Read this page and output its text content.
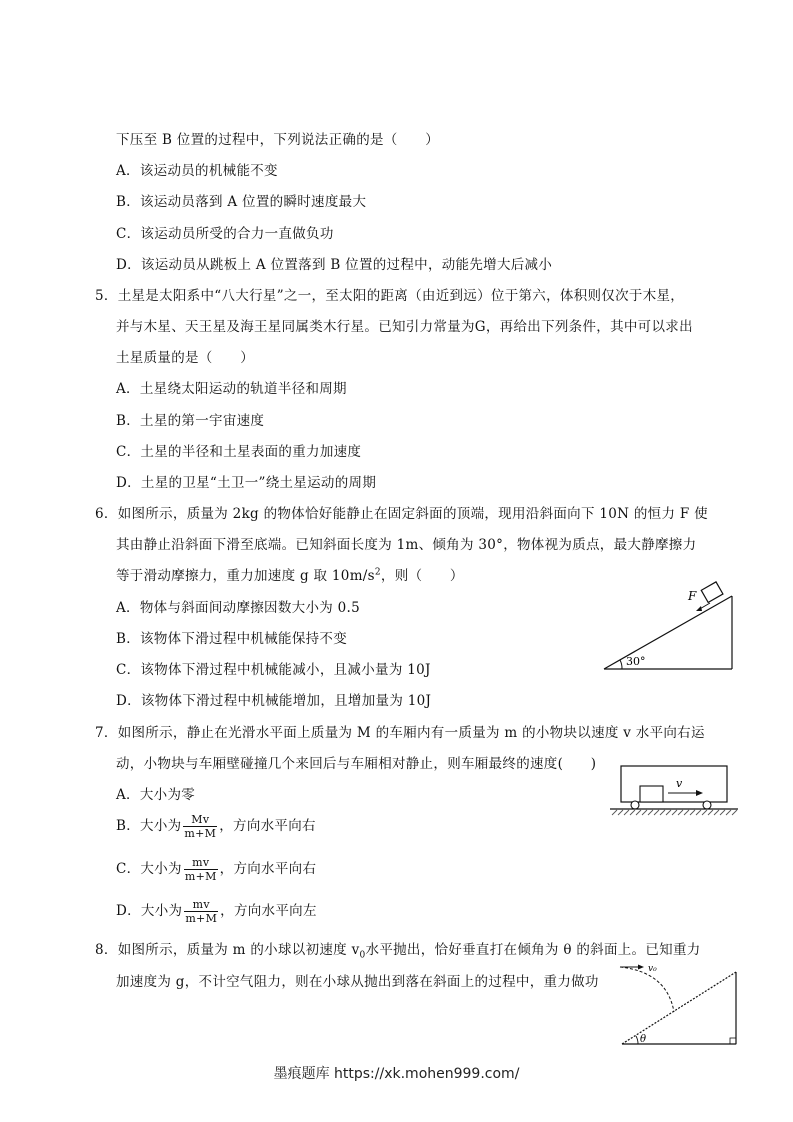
下压至 B 位置的过程中，下列说法正确的是（　　）
A．该运动员的机械能不变
B．该运动员落到 A 位置的瞬时速度最大
C．该运动员所受的合力一直做负功
D．该运动员从跳板上 A 位置落到 B 位置的过程中，动能先增大后减小
5．土星是太阳系中“八大行星”之一，至太阳的距离（由近到远）位于第六，体积则仅次于木星，
并与木星、天王星及海王星同属类木行星。已知引力常量为G，再给出下列条件，其中可以求出
土星质量的是（　　）
A．土星绕太阳运动的轨道半径和周期
B．土星的第一宇宙速度
C．土星的半径和土星表面的重力加速度
D．土星的卫星“土卫一”绕土星运动的周期
6．如图所示，质量为 2kg 的物体恰好能静止在固定斜面的顶端，现用沿斜面向下 10N 的恒力 F 使
其由静止沿斜面下滑至底端。已知斜面长度为 1m、倾角为 30°，物体视为质点，最大静摩擦力
等于滑动摩擦力，重力加速度 g 取 $10m/s^2$，则（　　）
A．物体与斜面间动摩擦因数大小为 0.5
B．该物体下滑过程中机械能保持不变
C．该物体下滑过程中机械能减小，且减小量为 10J
D．该物体下滑过程中机械能增加，且增加量为 10J
F
30°
7．如图所示，静止在光滑水平面上质量为 M 的车厢内有一质量为 m 的小物块以速度 v 水平向右运
动，小物块与车厢壁碰撞几个来回后与车厢相对静止，则车厢最终的速度(　　)
A．大小为零
B．大小为 $\frac{Mv}{m+M}$ ，方向水平向右
C．大小为 $\frac{mv}{m+M}$ ，方向水平向右
D．大小为 $\frac{mv}{m+M}$ ，方向水平向左
v
8．如图所示，质量为 m 的小球以初速度 $v_0$水平抛出，恰好垂直打在倾角为 θ 的斜面上。已知重力
加速度为 g，不计空气阻力，则在小球从抛出到落在斜面上的过程中，重力做功
v₀
θ
墨痕题库 https://xk.mohen999.com/
